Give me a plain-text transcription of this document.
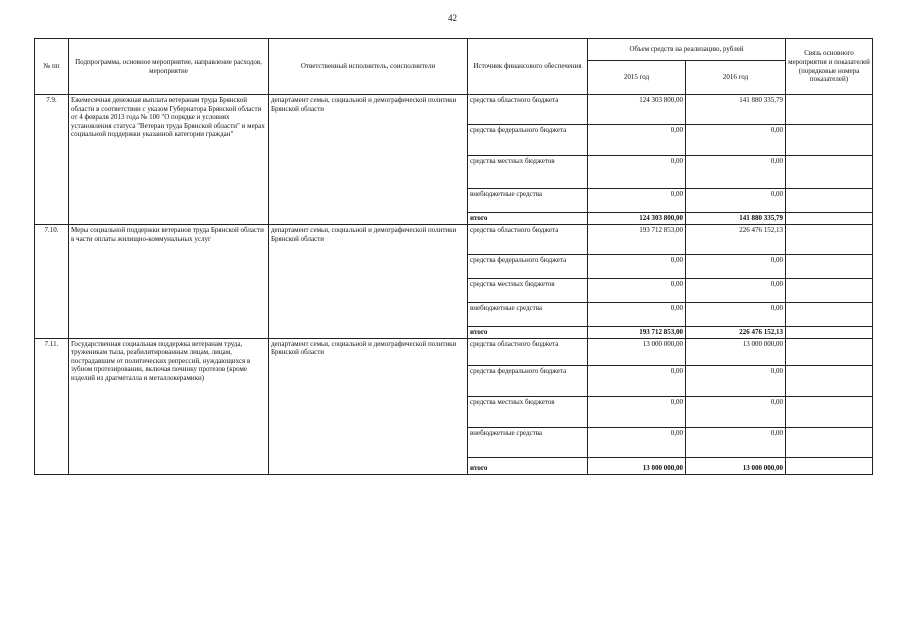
42
№ пп	Подпрограмма, основное мероприятие, направление расходов, мероприятие	Ответственный исполнитель, соисполнители	Источник финансового обеспечения	Объем средств на реализацию, рублей		Связь основного мероприятия и показателей (порядковые номера показателей)
				2015 год	2016 год	
7.9.	Ежемесячная денежная выплата ветеранам труда Брянской области в соответствии с указом Губернатора Брянской области от 4 февраля 2013 года № 100 "О порядке и условиях установления статуса "Ветеран труда Брянской области" и мерах социальной поддержки указанной категории граждан"	департамент семьи, социальной и демографической политики Брянской области	средства областного бюджета	124 303 800,00	141 880 335,79	
			средства федерального бюджета	0,00	0,00	
			средства местных бюджетов	0,00	0,00	
			внебюджетные средства	0,00	0,00	
			итого	124 303 800,00	141 880 335,79	
7.10.	Меры социальной поддержки ветеранов труда Брянской области в части оплаты жилищно-коммунальных услуг	департамент семьи, социальной и демографической политики Брянской области	средства областного бюджета	193 712 853,00	226 476 152,13	
			средства федерального бюджета	0,00	0,00	
			средства местных бюджетов	0,00	0,00	
			внебюджетные средства	0,00	0,00	
			итого	193 712 853,00	226 476 152,13	
7.11.	Государственная социальная поддержка ветеранам труда, труженикам тыла, реабилитированным лицам, лицам, пострадавшим от политических репрессий, нуждающихся в зубном протезировании, включая починку протезов (кроме изделий из драгметалла и металлокерамики)	департамент семьи, социальной и демографической политики Брянской области	средства областного бюджета	13 000 000,00	13 000 000,00	
			средства федерального бюджета	0,00	0,00	
			средства местных бюджетов	0,00	0,00	
			внебюджетные средства	0,00	0,00	
			итого	13 000 000,00	13 000 000,00	
